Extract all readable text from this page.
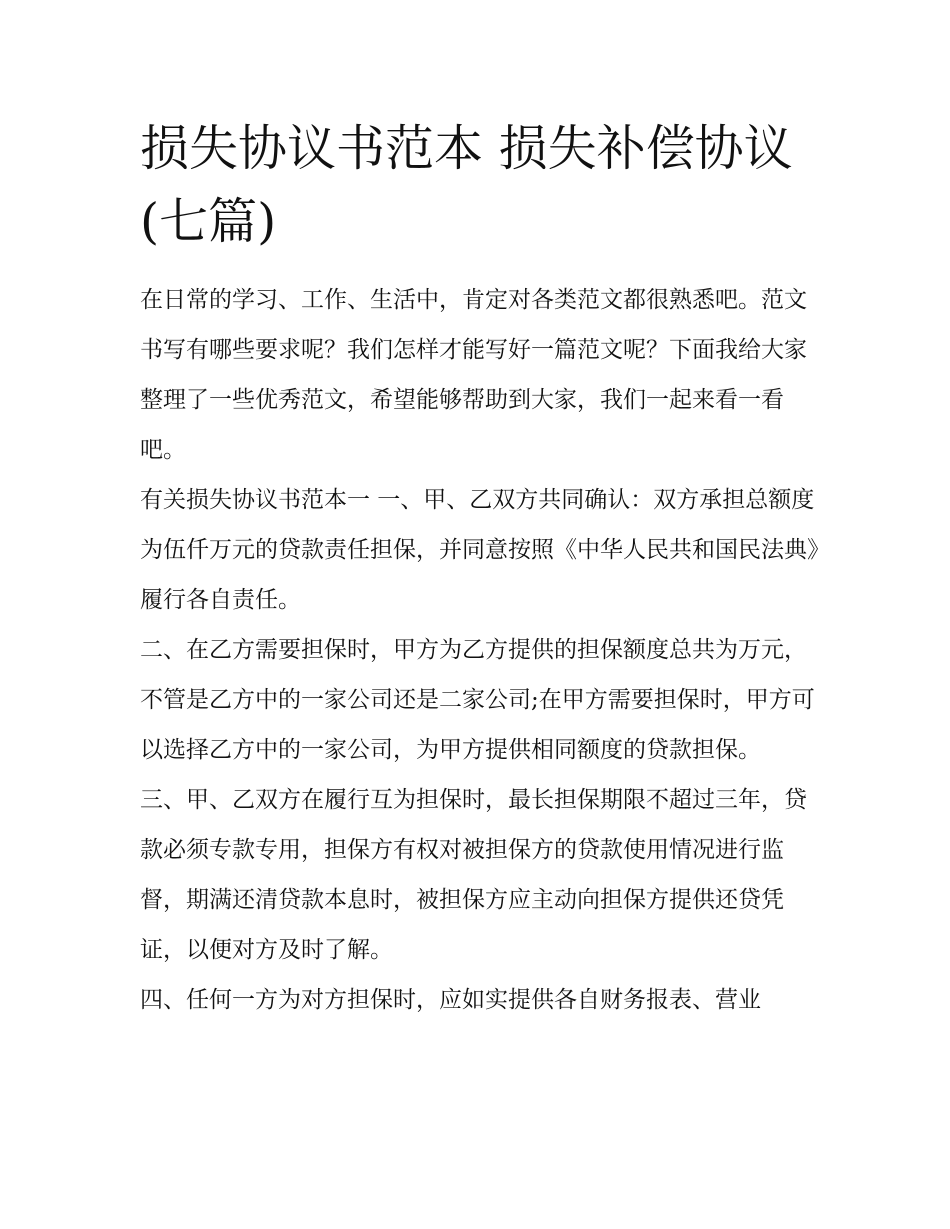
损失协议书范本 损失补偿协议(七篇)

在日常的学习、工作、生活中，肯定对各类范文都很熟悉吧。范文书写有哪些要求呢？我们怎样才能写好一篇范文呢？下面我给大家整理了一些优秀范文，希望能够帮助到大家，我们一起来看一看吧。

有关损失协议书范本一 一、甲、乙双方共同确认：双方承担总额度为伍仟万元的贷款责任担保，并同意按照《中华人民共和国民法典》履行各自责任。

二、在乙方需要担保时，甲方为乙方提供的担保额度总共为万元，不管是乙方中的一家公司还是二家公司;在甲方需要担保时，甲方可以选择乙方中的一家公司，为甲方提供相同额度的贷款担保。

三、甲、乙双方在履行互为担保时，最长担保期限不超过三年，贷款必须专款专用，担保方有权对被担保方的贷款使用情况进行监督，期满还清贷款本息时，被担保方应主动向担保方提供还贷凭证，以便对方及时了解。

四、任何一方为对方担保时，应如实提供各自财务报表、营业
